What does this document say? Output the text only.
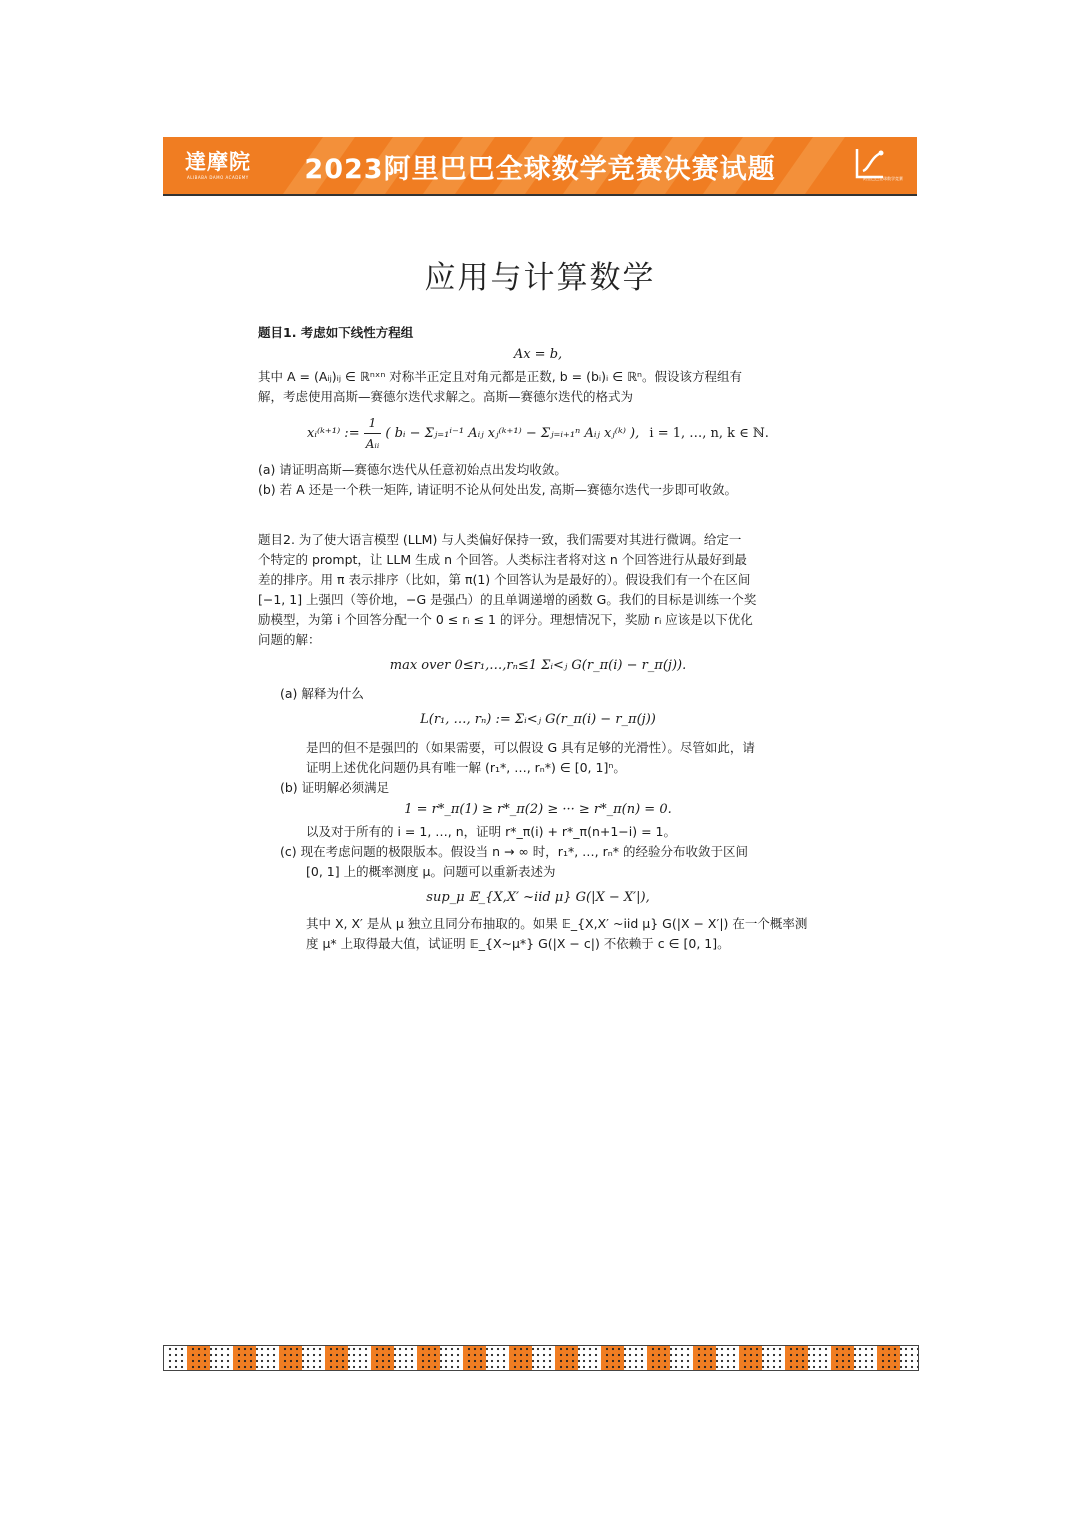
達摩院
ALIBABA DAMO ACADEMY	2023阿里巴巴全球数学竞赛决赛试题	阿里巴巴全球数学竞赛
应用与计算数学
题目1. 考虑如下线性方程组
Ax = b,
其中 A = (Aᵢⱼ)ᵢⱼ ∈ ℝⁿˣⁿ 对称半正定且对角元都是正数, b = (bᵢ)ᵢ ∈ ℝⁿ。假设该方程组有
解，考虑使用高斯—赛德尔迭代求解之。高斯—赛德尔迭代的格式为
xᵢ⁽ᵏ⁺¹⁾ := $\frac{1}{\text{Aᵢᵢ}}$ ( bᵢ − Σⱼ₌₁ⁱ⁻¹ Aᵢⱼ xⱼ⁽ᵏ⁺¹⁾ − Σⱼ₌ᵢ₊₁ⁿ Aᵢⱼ xⱼ⁽ᵏ⁾ ), i = 1, …, n, k ∈ ℕ.
(a) 请证明高斯—赛德尔迭代从任意初始点出发均收敛。
(b) 若 A 还是一个秩一矩阵, 请证明不论从何处出发, 高斯—赛德尔迭代一步即可收敛。
题目2. 为了使大语言模型 (LLM) 与人类偏好保持一致，我们需要对其进行微调。给定一
个特定的 prompt，让 LLM 生成 n 个回答。人类标注者将对这 n 个回答进行从最好到最
差的排序。用 π 表示排序（比如，第 π(1) 个回答认为是最好的）。假设我们有一个在区间
[−1, 1] 上强凹（等价地，−G 是强凸）的且单调递增的函数 G。我们的目标是训练一个奖
励模型，为第 i 个回答分配一个 0 ≤ rᵢ ≤ 1 的评分。理想情况下，奖励 rᵢ 应该是以下优化
问题的解：
max over 0≤r₁,…,rₙ≤1 Σᵢ<ⱼ G(r_π(i) − r_π(j)).
(a) 解释为什么
L(r₁, …, rₙ) := Σᵢ<ⱼ G(r_π(i) − r_π(j))
是凹的但不是强凹的（如果需要，可以假设 G 具有足够的光滑性）。尽管如此，请
证明上述优化问题仍具有唯一解 (r₁*, …, rₙ*) ∈ [0, 1]ⁿ。
(b) 证明解必须满足
1 = r*_π(1) ≥ r*_π(2) ≥ ··· ≥ r*_π(n) = 0.
以及对于所有的 i = 1, …, n，证明 r*_π(i) + r*_π(n+1−i) = 1。
(c) 现在考虑问题的极限版本。假设当 n → ∞ 时，r₁*, …, rₙ* 的经验分布收敛于区间
[0, 1] 上的概率测度 μ。问题可以重新表述为
sup_μ 𝔼_{X,X′ ~iid μ} G(|X − X′|),
其中 X, X′ 是从 μ 独立且同分布抽取的。如果 𝔼_{X,X′ ~iid μ} G(|X − X′|) 在一个概率测
度 μ* 上取得最大值，试证明 𝔼_{X∼μ*} G(|X − c|) 不依赖于 c ∈ [0, 1]。
